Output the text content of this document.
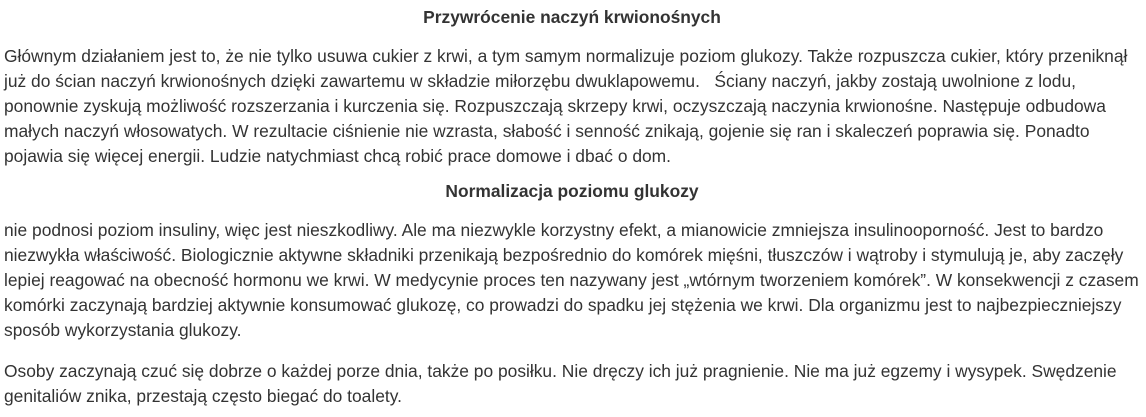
Przywrócenie naczyń krwionośnych

Głównym działaniem jest to, że nie tylko usuwa cukier z krwi, a tym samym normalizuje poziom glukozy. Także rozpuszcza cukier, który przeniknął już do ścian naczyń krwionośnych dzięki zawartemu w składzie miłorzębu dwuklapowemu.   Ściany naczyń, jakby zostają uwolnione z lodu, ponownie zyskują możliwość rozszerzania i kurczenia się. Rozpuszczają skrzepy krwi, oczyszczają naczynia krwionośne. Następuje odbudowa małych naczyń włosowatych. W rezultacie ciśnienie nie wzrasta, słabość i senność znikają, gojenie się ran i skaleczeń poprawia się. Ponadto pojawia się więcej energii. Ludzie natychmiast chcą robić prace domowe i dbać o dom.

Normalizacja poziomu glukozy

nie podnosi poziom insuliny, więc jest nieszkodliwy. Ale ma niezwykle korzystny efekt, a mianowicie zmniejsza insulinooporność. Jest to bardzo niezwykła właściwość. Biologicznie aktywne składniki przenikają bezpośrednio do komórek mięśni, tłuszczów i wątroby i stymulują je, aby zaczęły lepiej reagować na obecność hormonu we krwi. W medycynie proces ten nazywany jest „wtórnym tworzeniem komórek”. W konsekwencji z czasem komórki zaczynają bardziej aktywnie konsumować glukozę, co prowadzi do spadku jej stężenia we krwi. Dla organizmu jest to najbezpieczniejszy sposób wykorzystania glukozy.

Osoby zaczynają czuć się dobrze o każdej porze dnia, także po posiłku. Nie dręczy ich już pragnienie. Nie ma już egzemy i wysypek. Swędzenie genitaliów znika, przestają często biegać do toalety.
